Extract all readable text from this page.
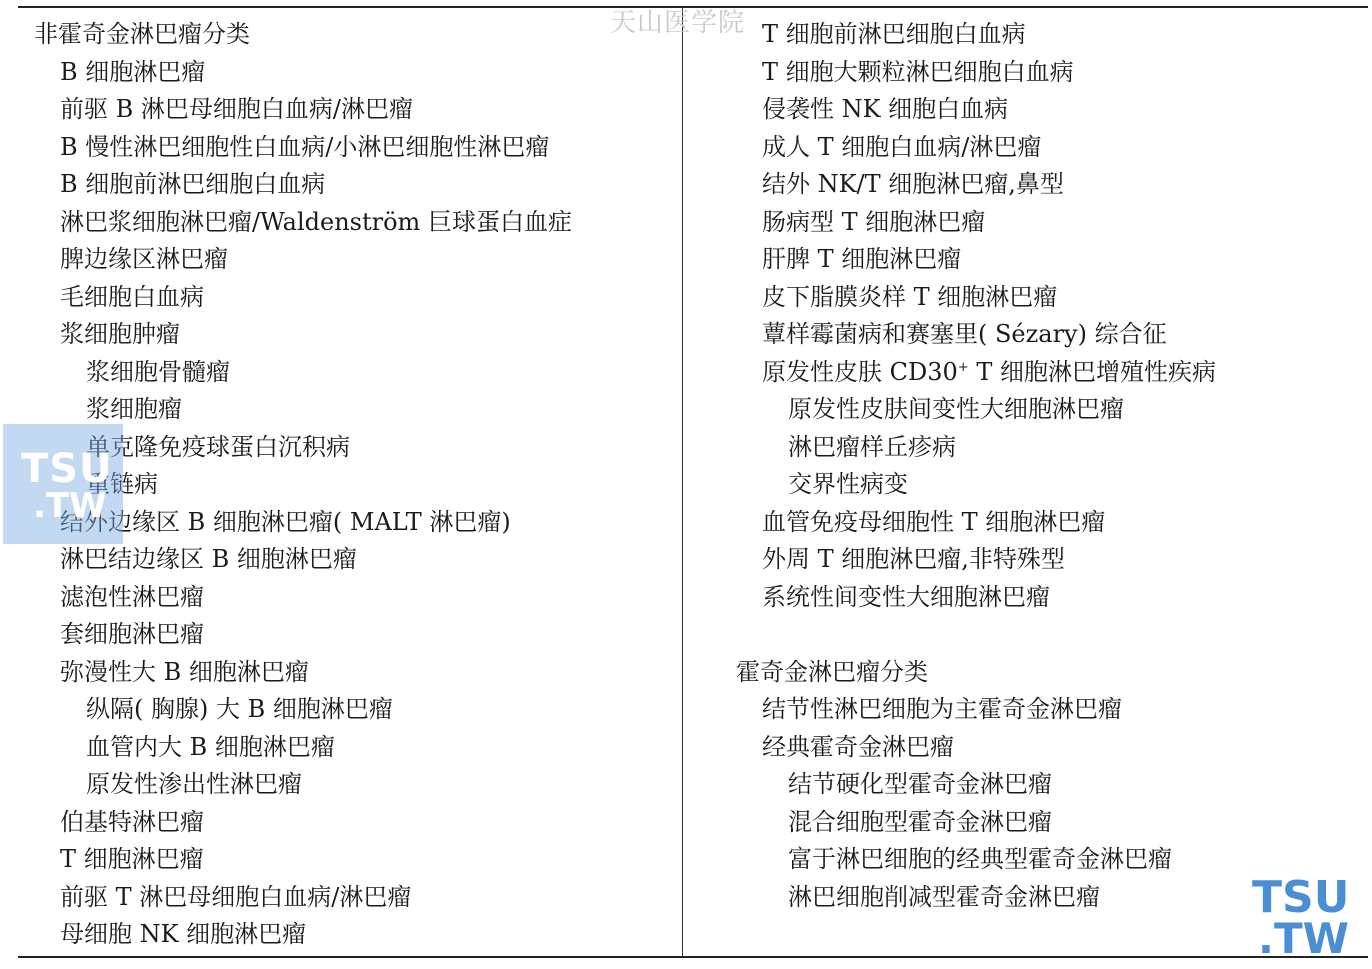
非霍奇金淋巴瘤分类
B 细胞淋巴瘤
前驱 B 淋巴母细胞白血病/淋巴瘤
B 慢性淋巴细胞性白血病/小淋巴细胞性淋巴瘤
B 细胞前淋巴细胞白血病
淋巴浆细胞淋巴瘤/Waldenström 巨球蛋白血症
脾边缘区淋巴瘤
毛细胞白血病
浆细胞肿瘤
浆细胞骨髓瘤
浆细胞瘤
单克隆免疫球蛋白沉积病
重链病
结外边缘区 B 细胞淋巴瘤( MALT 淋巴瘤)
淋巴结边缘区 B 细胞淋巴瘤
滤泡性淋巴瘤
套细胞淋巴瘤
弥漫性大 B 细胞淋巴瘤
纵隔( 胸腺) 大 B 细胞淋巴瘤
血管内大 B 细胞淋巴瘤
原发性渗出性淋巴瘤
伯基特淋巴瘤
T 细胞淋巴瘤
前驱 T 淋巴母细胞白血病/淋巴瘤
母细胞 NK 细胞淋巴瘤
T 细胞前淋巴细胞白血病
T 细胞大颗粒淋巴细胞白血病
侵袭性 NK 细胞白血病
成人 T 细胞白血病/淋巴瘤
结外 NK/T 细胞淋巴瘤,鼻型
肠病型 T 细胞淋巴瘤
肝脾 T 细胞淋巴瘤
皮下脂膜炎样 T 细胞淋巴瘤
蕈样霉菌病和赛塞里( Sézary) 综合征
原发性皮肤 CD30+ T 细胞淋巴增殖性疾病
原发性皮肤间变性大细胞淋巴瘤
淋巴瘤样丘疹病
交界性病变
血管免疫母细胞性 T 细胞淋巴瘤
外周 T 细胞淋巴瘤,非特殊型
系统性间变性大细胞淋巴瘤
霍奇金淋巴瘤分类
结节性淋巴细胞为主霍奇金淋巴瘤
经典霍奇金淋巴瘤
结节硬化型霍奇金淋巴瘤
混合细胞型霍奇金淋巴瘤
富于淋巴细胞的经典型霍奇金淋巴瘤
淋巴细胞削减型霍奇金淋巴瘤
天山医学院
TSU
.TW
TSU
.TW
